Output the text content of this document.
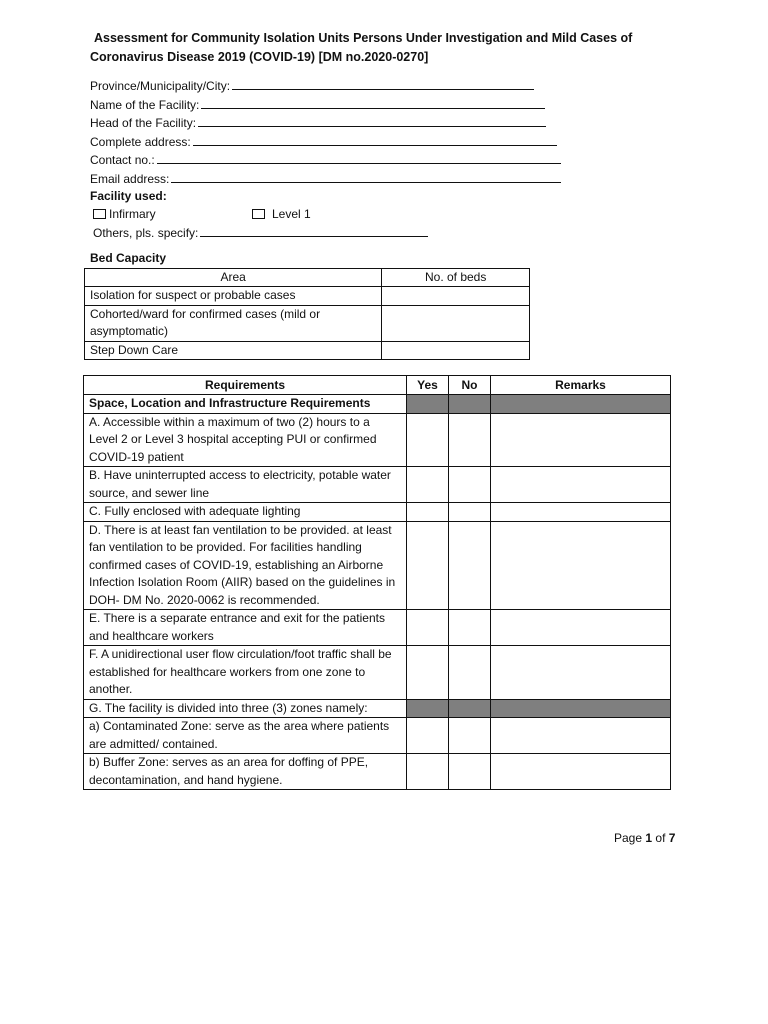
Assessment for Community Isolation Units Persons Under Investigation and Mild Cases of
Coronavirus Disease 2019 (COVID-19) [DM no.2020-0270]
Province/Municipality/City:
Name of the Facility:
Head of the Facility:
Complete address:
Contact no.:
Email address:
Facility used:
Infirmary	Level 1
Others, pls. specify:
Bed Capacity
Area	No. of beds
Isolation for suspect or probable cases	
Cohorted/ward for confirmed cases (mild or asymptomatic)	
Step Down Care	
Requirements	Yes	No	Remarks
Space, Location and Infrastructure Requirements			
A. Accessible within a maximum of two (2) hours to a Level 2 or Level 3 hospital accepting PUI or confirmed COVID-19 patient			
B. Have uninterrupted access to electricity, potable water source, and sewer line			
C. Fully enclosed with adequate lighting			
D. There is at least fan ventilation to be provided. at least fan ventilation to be provided. For facilities handling confirmed cases of COVID-19, establishing an Airborne Infection Isolation Room (AIIR) based on the guidelines in DOH- DM No. 2020-0062 is recommended.			
E. There is a separate entrance and exit for the patients and healthcare workers			
F. A unidirectional user flow circulation/foot traffic shall be established for healthcare workers from one zone to another.			
G. The facility is divided into three (3) zones namely:			
a) Contaminated Zone: serve as the area where patients are admitted/ contained.			
b) Buffer Zone: serves as an area for doffing of PPE, decontamination, and hand hygiene.			
Page 1 of 7
